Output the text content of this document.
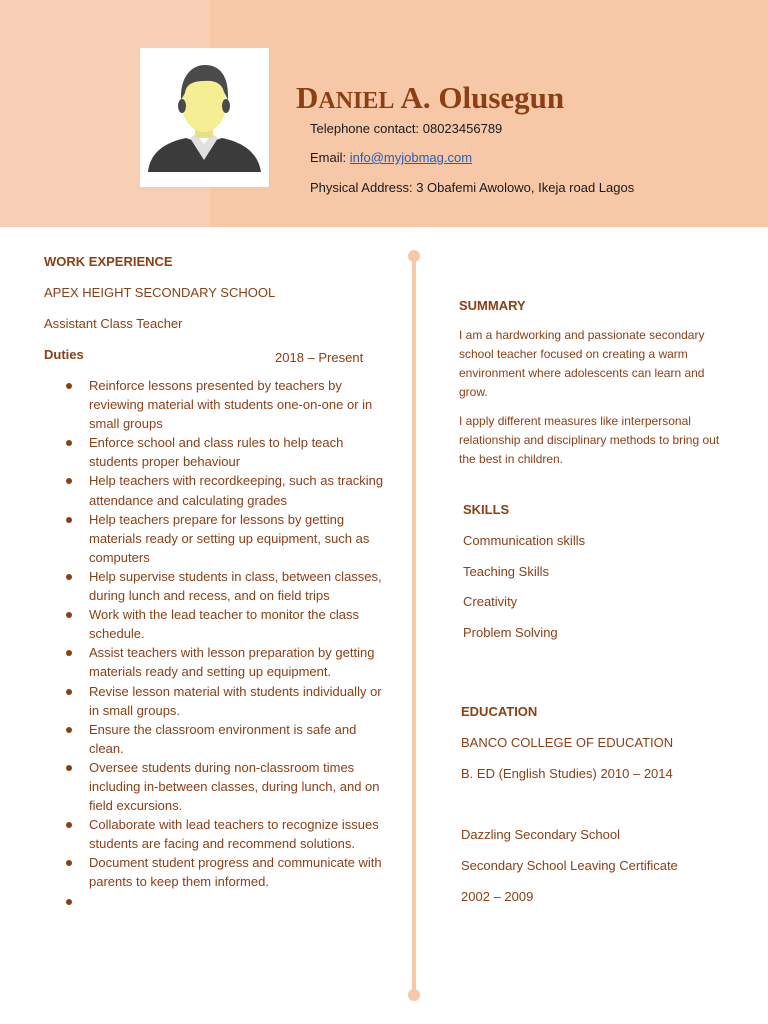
DANIEL A. Olusegun
Telephone contact: 08023456789
Email: info@myjobmag.com
Physical Address: 3 Obafemi Awolowo, Ikeja road Lagos
WORK EXPERIENCE
APEX HEIGHT SECONDARY SCHOOL
Assistant Class Teacher
Duties	2018 – Present
Reinforce lessons presented by teachers by reviewing material with students one-on-one or in small groups
Enforce school and class rules to help teach students proper behaviour
Help teachers with recordkeeping, such as tracking attendance and calculating grades
Help teachers prepare for lessons by getting materials ready or setting up equipment, such as computers
Help supervise students in class, between classes, during lunch and recess, and on field trips
Work with the lead teacher to monitor the class schedule.
Assist teachers with lesson preparation by getting materials ready and setting up equipment.
Revise lesson material with students individually or in small groups.
Ensure the classroom environment is safe and clean.
Oversee students during non-classroom times including in-between classes, during lunch, and on field excursions.
Collaborate with lead teachers to recognize issues students are facing and recommend solutions.
Document student progress and communicate with parents to keep them informed.
SUMMARY
I am a hardworking and passionate secondary school teacher focused on creating a warm environment where adolescents can learn and grow.
I apply different measures like interpersonal relationship and disciplinary methods to bring out the best in children.
SKILLS
Communication skills
Teaching Skills
Creativity
Problem Solving
EDUCATION
BANCO COLLEGE OF EDUCATION
B. ED (English Studies) 2010 – 2014
Dazzling Secondary School
Secondary School Leaving Certificate
2002 – 2009
